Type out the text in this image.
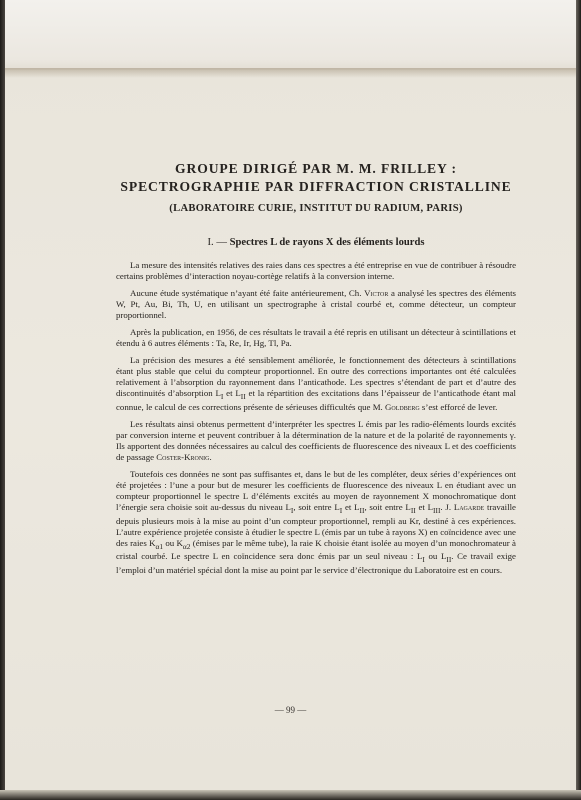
GROUPE DIRIGÉ PAR M. M. FRILLEY :

SPECTROGRAPHIE PAR DIFFRACTION CRISTALLINE

(LABORATOIRE CURIE, INSTITUT DU RADIUM, PARIS)

I. — Spectres L de rayons X des éléments lourds

La mesure des intensités relatives des raies dans ces spectres a été entreprise en vue de contribuer à résoudre certains problèmes d’interaction noyau-cortège relatifs à la conversion interne.

Aucune étude systématique n’ayant été faite antérieurement, Ch. Victor a analysé les spectres des éléments W, Pt, Au, Bi, Th, U, en utilisant un spectrographe à cristal courbé et, comme détecteur, un compteur proportionnel.

Après la publication, en 1956, de ces résultats le travail a été repris en utilisant un détecteur à scintillations et étendu à 6 autres éléments : Ta, Re, Ir, Hg, Tl, Pa.

La précision des mesures a été sensiblement améliorée, le fonctionnement des détecteurs à scintillations étant plus stable que celui du compteur proportionnel. En outre des corrections importantes ont été calculées relativement à l’absorption du rayonnement dans l’anticathode. Les spectres s’étendant de part et d’autre des discontinuités d’absorption $L_I$ et $L_{II}$ et la répartition des excitations dans l’épaisseur de l’anticathode étant mal connue, le calcul de ces corrections présente de sérieuses difficultés que M. Goldberg s’est efforcé de lever.

Les résultats ainsi obtenus permettent d’interpréter les spectres L émis par les radio-éléments lourds excités par conversion interne et peuvent contribuer à la détermination de la nature et de la polarité de rayonnements γ. Ils apportent des données nécessaires au calcul des coefficients de fluorescence des niveaux L et des coefficients de passage Coster-Kronig.

Toutefois ces données ne sont pas suffisantes et, dans le but de les compléter, deux séries d’expériences ont été projetées : l’une a pour but de mesurer les coefficients de fluorescence des niveaux L en étudiant avec un compteur proportionnel le spectre L d’éléments excités au moyen de rayonnement X monochromatique dont l’énergie sera choisie soit au-dessus du niveau $L_I$, soit entre $L_I$ et $L_{II}$, soit entre $L_{II}$ et $L_{III}$. J. Lagarde travaille depuis plusieurs mois à la mise au point d’un compteur proportionnel, rempli au Kr, destiné à ces expériences. L’autre expérience projetée consiste à étudier le spectre L (émis par un tube à rayons X) en coïncidence avec une des raies $K_{\alpha 1}$ ou $K_{\alpha 2}$ (émises par le même tube), la raie K choisie étant isolée au moyen d’un monochromateur à cristal courbé. Le spectre L en coïncidence sera donc émis par un seul niveau : $L_I$ ou $L_{II}$. Ce travail exige l’emploi d’un matériel spécial dont la mise au point par le service d’électronique du Laboratoire est en cours.

— 99 —
